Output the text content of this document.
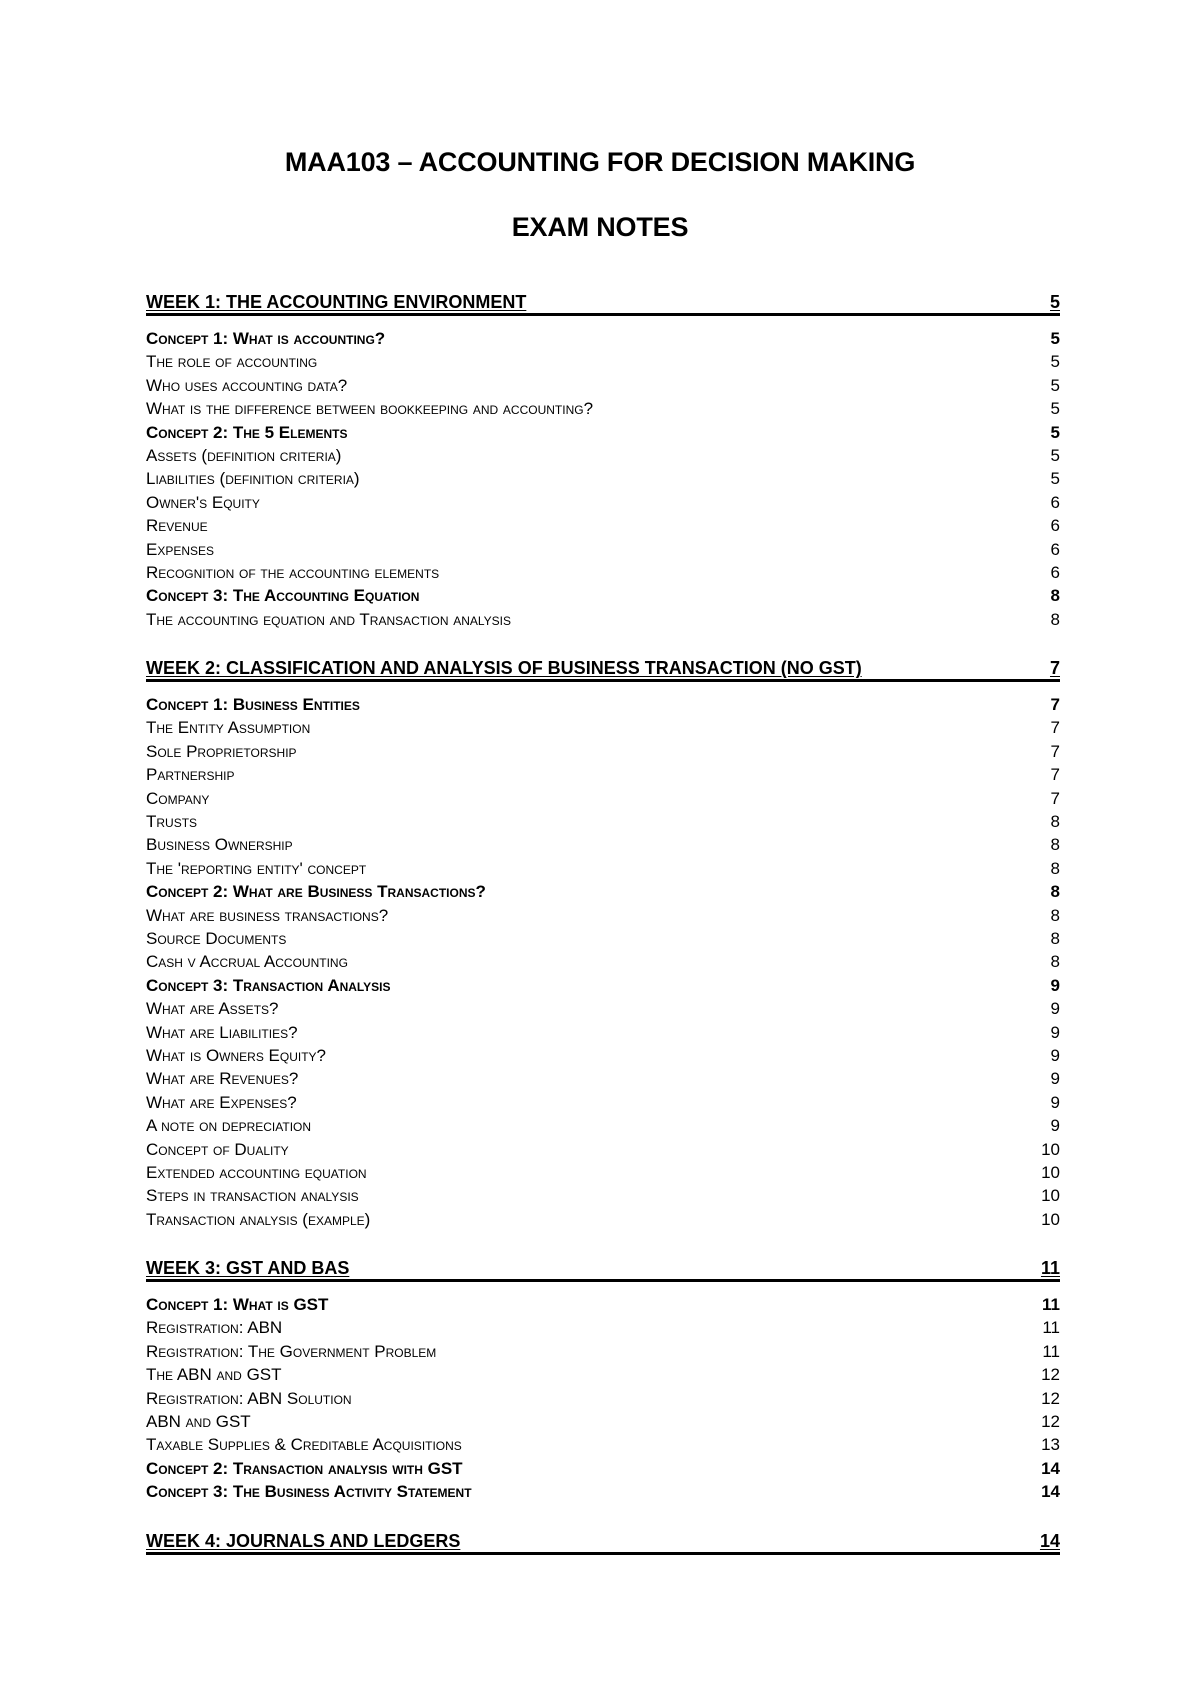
MAA103 – ACCOUNTING FOR DECISION MAKING
EXAM NOTES
WEEK 1: THE ACCOUNTING ENVIRONMENT	5
Concept 1: What is accounting?	5
The role of accounting	5
Who uses accounting data?	5
What is the difference between bookkeeping and accounting?	5
Concept 2: The 5 Elements	5
Assets (definition criteria)	5
Liabilities (definition criteria)	5
Owner's Equity	6
Revenue	6
Expenses	6
Recognition of the accounting elements	6
Concept 3: The Accounting Equation	8
The accounting equation and Transaction analysis	8
WEEK 2: CLASSIFICATION AND ANALYSIS OF BUSINESS TRANSACTION (NO GST)	7
Concept 1: Business Entities	7
The Entity Assumption	7
Sole Proprietorship	7
Partnership	7
Company	7
Trusts	8
Business Ownership	8
The 'reporting entity' concept	8
Concept 2: What are Business Transactions?	8
What are business transactions?	8
Source Documents	8
Cash v Accrual Accounting	8
Concept 3: Transaction Analysis	9
What are Assets?	9
What are Liabilities?	9
What is Owners Equity?	9
What are Revenues?	9
What are Expenses?	9
A note on depreciation	9
Concept of Duality	10
Extended accounting equation	10
Steps in transaction analysis	10
Transaction analysis (example)	10
WEEK 3: GST AND BAS	11
Concept 1: What is GST	11
Registration: ABN	11
Registration: The Government Problem	11
The ABN and GST	12
Registration: ABN Solution	12
ABN and GST	12
Taxable Supplies & Creditable Acquisitions	13
Concept 2: Transaction analysis with GST	14
Concept 3: The Business Activity Statement	14
WEEK 4: JOURNALS AND LEDGERS	14
